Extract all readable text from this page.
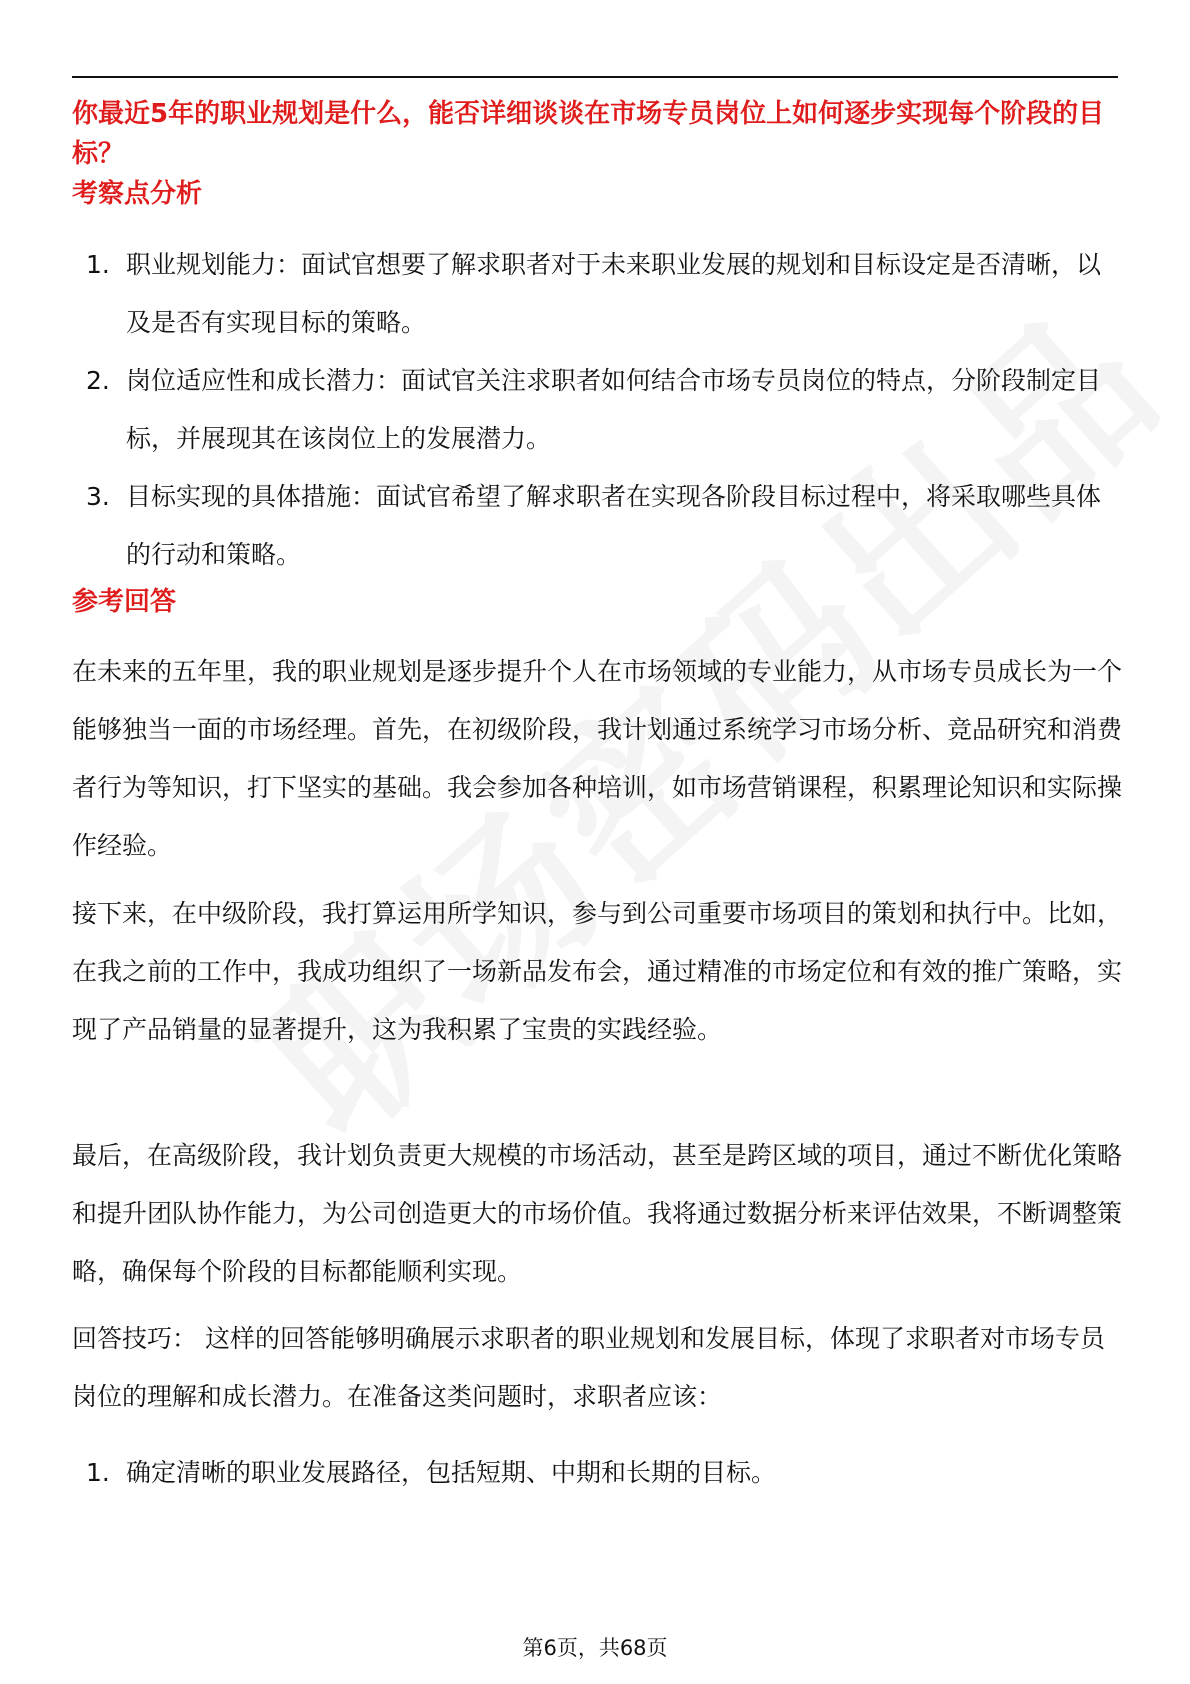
你最近5年的职业规划是什么，能否详细谈谈在市场专员岗位上如何逐步实现每个阶段的目标？
考察点分析
1. 职业规划能力：面试官想要了解求职者对于未来职业发展的规划和目标设定是否清晰，以及是否有实现目标的策略。
2. 岗位适应性和成长潜力：面试官关注求职者如何结合市场专员岗位的特点，分阶段制定目标，并展现其在该岗位上的发展潜力。
3. 目标实现的具体措施：面试官希望了解求职者在实现各阶段目标过程中，将采取哪些具体的行动和策略。
参考回答

在未来的五年里，我的职业规划是逐步提升个人在市场领域的专业能力，从市场专员成长为一个能够独当一面的市场经理。首先，在初级阶段，我计划通过系统学习市场分析、竞品研究和消费者行为等知识，打下坚实的基础。我会参加各种培训，如市场营销课程，积累理论知识和实际操作经验。

接下来，在中级阶段，我打算运用所学知识，参与到公司重要市场项目的策划和执行中。比如，在我之前的工作中，我成功组织了一场新品发布会，通过精准的市场定位和有效的推广策略，实现了产品销量的显著提升，这为我积累了宝贵的实践经验。

最后，在高级阶段，我计划负责更大规模的市场活动，甚至是跨区域的项目，通过不断优化策略和提升团队协作能力，为公司创造更大的市场价值。我将通过数据分析来评估效果，不断调整策略，确保每个阶段的目标都能顺利实现。

回答技巧： 这样的回答能够明确展示求职者的职业规划和发展目标，体现了求职者对市场专员岗位的理解和成长潜力。在准备这类问题时，求职者应该：

1. 确定清晰的职业发展路径，包括短期、中期和长期的目标。
第6页，共68页
